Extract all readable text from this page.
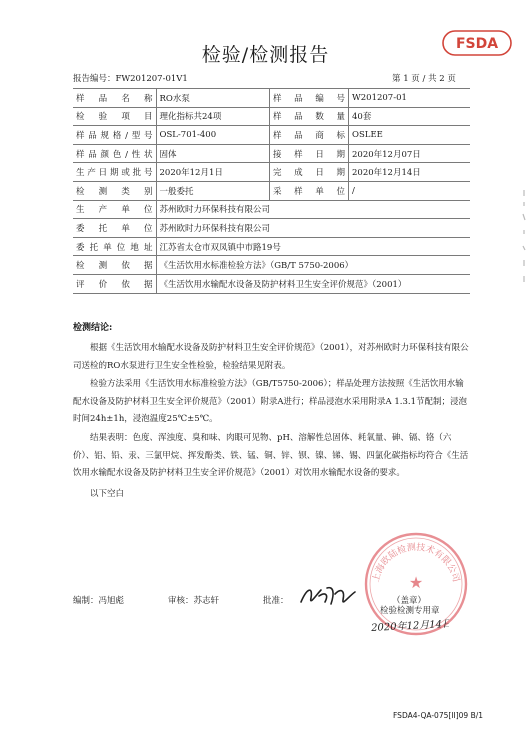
检验/检测报告	FSDA
报告编号：FW201207-01V1	第 1 页 / 共 2 页
样 品 名 称	RO水泵	样 品 编 号	W201207-01
检 验 项 目	理化指标共24项	样 品 数 量	40套
样品规格/型号	OSL-701-400	样 品 商 标	OSLEE
样品颜色/性状	固体	接 样 日 期	2020年12月07日
生产日期或批号	2020年12月1日	完 成 日 期	2020年12月14日
检 测 类 别	一般委托	采 样 单 位	/
生 产 单 位	苏州欧时力环保科技有限公司		
委 托 单 位	苏州欧时力环保科技有限公司		
委托单位地址	江苏省太仓市双凤镇中市路19号		
检 测 依 据	《生活饮用水标准检验方法》（GB/T 5750-2006）		
评 价 依 据	《生活饮用水输配水设备及防护材料卫生安全评价规范》（2001）		
检测结论:

根据《生活饮用水输配水设备及防护材料卫生安全评价规范》（2001），对苏州欧时力环保科技有限公司送检的RO水泵进行卫生安全性检验，检验结果见附表。

检验方法采用《生活饮用水标准检验方法》（GB/T5750-2006）；样品处理方法按照《生活饮用水输配水设备及防护材料卫生安全评价规范》（2001）附录A进行；样品浸泡水采用附录A 1.3.1节配制；浸泡时间24h±1h，浸泡温度25℃±5℃。

结果表明：色度、浑浊度、臭和味、肉眼可见物、pH、溶解性总固体、耗氧量、砷、镉、铬（六价）、铝、铅、汞、三氯甲烷、挥发酚类、铁、锰、铜、锌、钡、镍、锑、锡、四氯化碳指标均符合《生活饮用水输配水设备及防护材料卫生安全评价规范》（2001）对饮用水输配水设备的要求。

以下空白

编制：冯旭彪	审核：苏志轩	批准：
上海欧陆检测技术有限公司
★
（盖章）
检验检测专用章
2020年12月14日
FSDA4-QA-075[II]09 B/1
